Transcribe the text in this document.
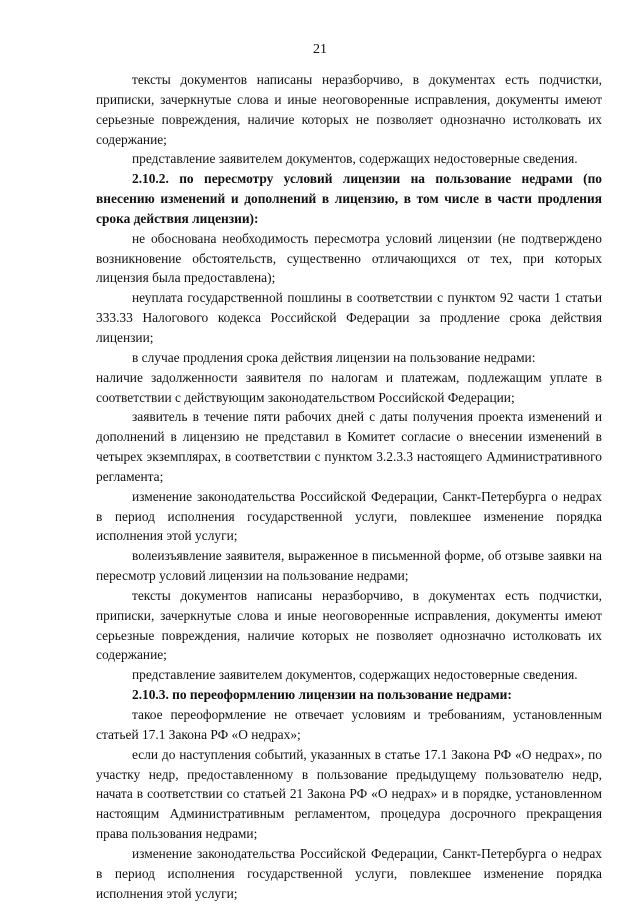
21

тексты документов написаны неразборчиво, в документах есть подчистки, приписки, зачеркнутые слова и иные неоговоренные исправления, документы имеют серьезные повреждения, наличие которых не позволяет однозначно истолковать их содержание;

представление заявителем документов, содержащих недостоверные сведения.

2.10.2. по пересмотру условий лицензии на пользование недрами (по внесению изменений и дополнений в лицензию, в том числе в части продления срока действия лицензии):

не обоснована необходимость пересмотра условий лицензии (не подтверждено возникновение обстоятельств, существенно отличающихся от тех, при которых лицензия была предоставлена);

неуплата государственной пошлины в соответствии с пунктом 92 части 1 статьи 333.33 Налогового кодекса Российской Федерации за продление срока действия лицензии;

в случае продления срока действия лицензии на пользование недрами:

наличие задолженности заявителя по налогам и платежам, подлежащим уплате в соответствии с действующим законодательством Российской Федерации;

заявитель в течение пяти рабочих дней с даты получения проекта изменений и дополнений в лицензию не представил в Комитет согласие о внесении изменений в четырех экземплярах, в соответствии с пунктом 3.2.3.3 настоящего Административного регламента;

изменение законодательства Российской Федерации, Санкт-Петербурга о недрах в период исполнения государственной услуги, повлекшее изменение порядка исполнения этой услуги;

волеизъявление заявителя, выраженное в письменной форме, об отзыве заявки на пересмотр условий лицензии на пользование недрами;

тексты документов написаны неразборчиво, в документах есть подчистки, приписки, зачеркнутые слова и иные неоговоренные исправления, документы имеют серьезные повреждения, наличие которых не позволяет однозначно истолковать их содержание;

представление заявителем документов, содержащих недостоверные сведения.

2.10.3. по переоформлению лицензии на пользование недрами:

такое переоформление не отвечает условиям и требованиям, установленным статьей 17.1 Закона РФ «О недрах»;

если до наступления событий, указанных в статье 17.1 Закона РФ «О недрах», по участку недр, предоставленному в пользование предыдущему пользователю недр, начата в соответствии со статьей 21 Закона РФ «О недрах» и в порядке, установленном настоящим Административным регламентом, процедура досрочного прекращения права пользования недрами;

изменение законодательства Российской Федерации, Санкт-Петербурга о недрах в период исполнения государственной услуги, повлекшее изменение порядка исполнения этой услуги;
